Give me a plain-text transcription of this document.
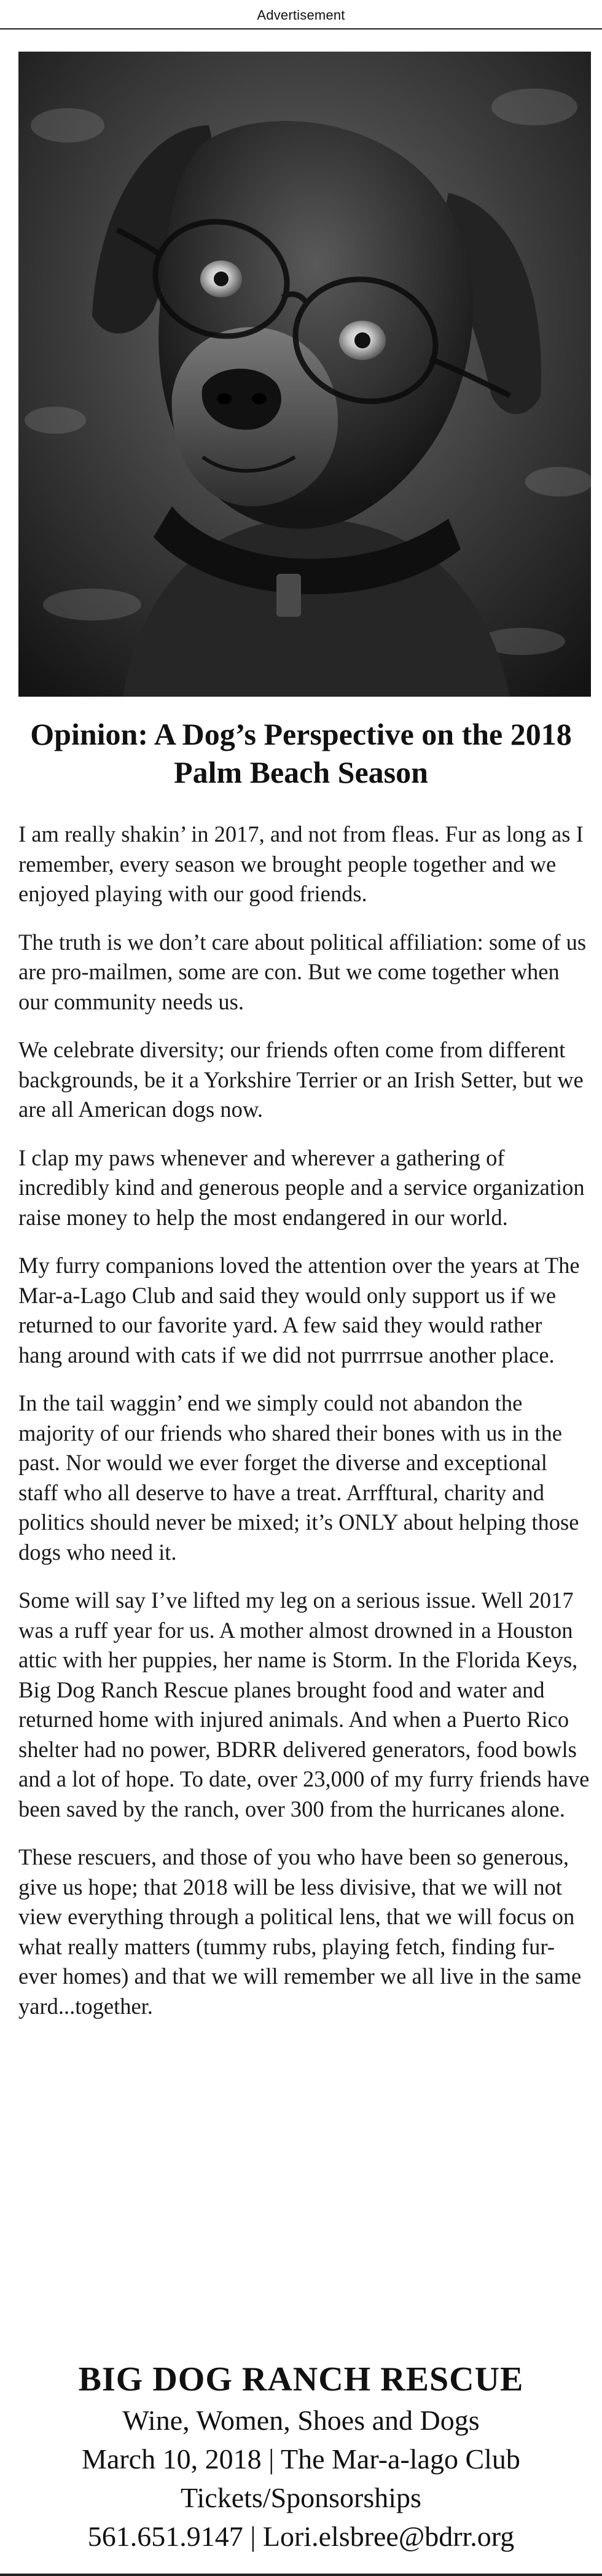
Advertisement
Opinion: A Dog’s Perspective on the 2018 Palm Beach Season

I am really shakin’ in 2017, and not from fleas. Fur as long as I remember, every season we brought people together and we enjoyed playing with our good friends.

The truth is we don’t care about political affiliation: some of us are pro-mailmen, some are con. But we come together when our community needs us.

We celebrate diversity; our friends often come from different backgrounds, be it a Yorkshire Terrier or an Irish Setter, but we are all American dogs now.

I clap my paws whenever and wherever a gathering of incredibly kind and generous people and a service organization raise money to help the most endangered in our world.

My furry companions loved the attention over the years at The Mar-a-Lago Club and said they would only support us if we returned to our favorite yard. A few said they would rather hang around with cats if we did not purrrrsue another place.

In the tail waggin’ end we simply could not abandon the majority of our friends who shared their bones with us in the past. Nor would we ever forget the diverse and exceptional staff who all deserve to have a treat. Arrfftural, charity and politics should never be mixed; it’s ONLY about helping those dogs who need it.

Some will say I’ve lifted my leg on a serious issue. Well 2017 was a ruff year for us. A mother almost drowned in a Houston attic with her puppies, her name is Storm. In the Florida Keys, Big Dog Ranch Rescue planes brought food and water and returned home with injured animals. And when a Puerto Rico shelter had no power, BDRR delivered generators, food bowls and a lot of hope. To date, over 23,000 of my furry friends have been saved by the ranch, over 300 from the hurricanes alone.

These rescuers, and those of you who have been so generous, give us hope; that 2018 will be less divisive, that we will not view everything through a political lens, that we will focus on what really matters (tummy rubs, playing fetch, finding fur-ever homes) and that we will remember we all live in the same yard...together.

BIG DOG RANCH RESCUE
Wine, Women, Shoes and Dogs
March 10, 2018 | The Mar-a-lago Club
Tickets/Sponsorships
561.651.9147 | Lori.elsbree@bdrr.org
